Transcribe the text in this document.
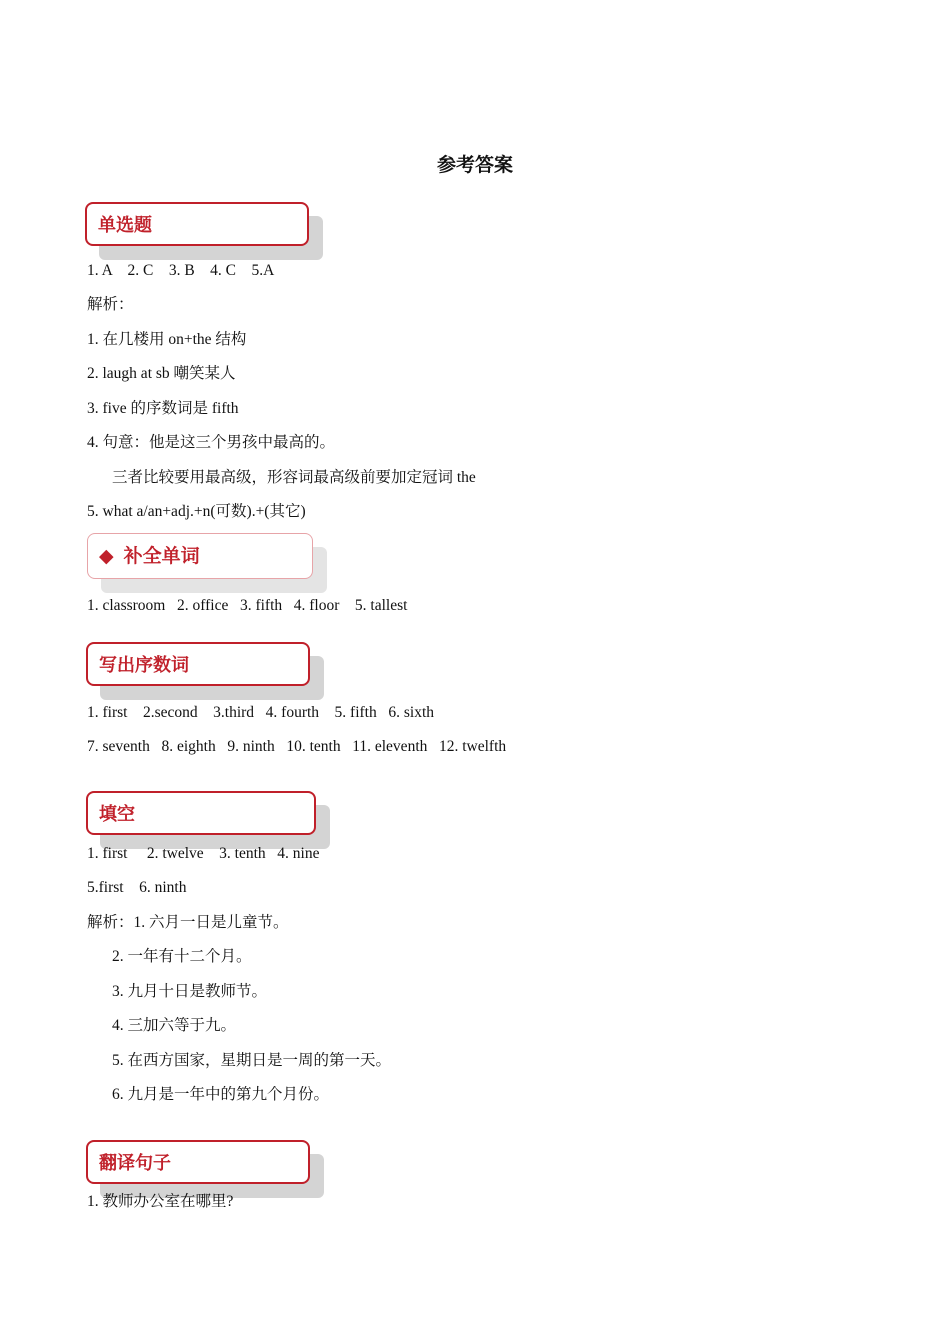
参考答案
单选题
1. A    2. C    3. B    4. C    5.A
解析：
1. 在几楼用 on+the 结构
2. laugh at sb 嘲笑某人
3. five 的序数词是 fifth
4. 句意：他是这三个男孩中最高的。
三者比较要用最高级，形容词最高级前要加定冠词 the
5. what a/an+adj.+n(可数).+(其它)
◆ 补全单词
1. classroom   2. office   3. fifth   4. floor    5. tallest
写出序数词
1. first    2.second    3.third   4. fourth    5. fifth   6. sixth
7. seventh   8. eighth   9. ninth   10. tenth   11. eleventh   12. twelfth
填空
1. first     2. twelve    3. tenth   4. nine
5.first    6. ninth
解析：1. 六月一日是儿童节。
2. 一年有十二个月。
3. 九月十日是教师节。
4. 三加六等于九。
5. 在西方国家，星期日是一周的第一天。
6. 九月是一年中的第九个月份。
翻译句子
1. 教师办公室在哪里?
